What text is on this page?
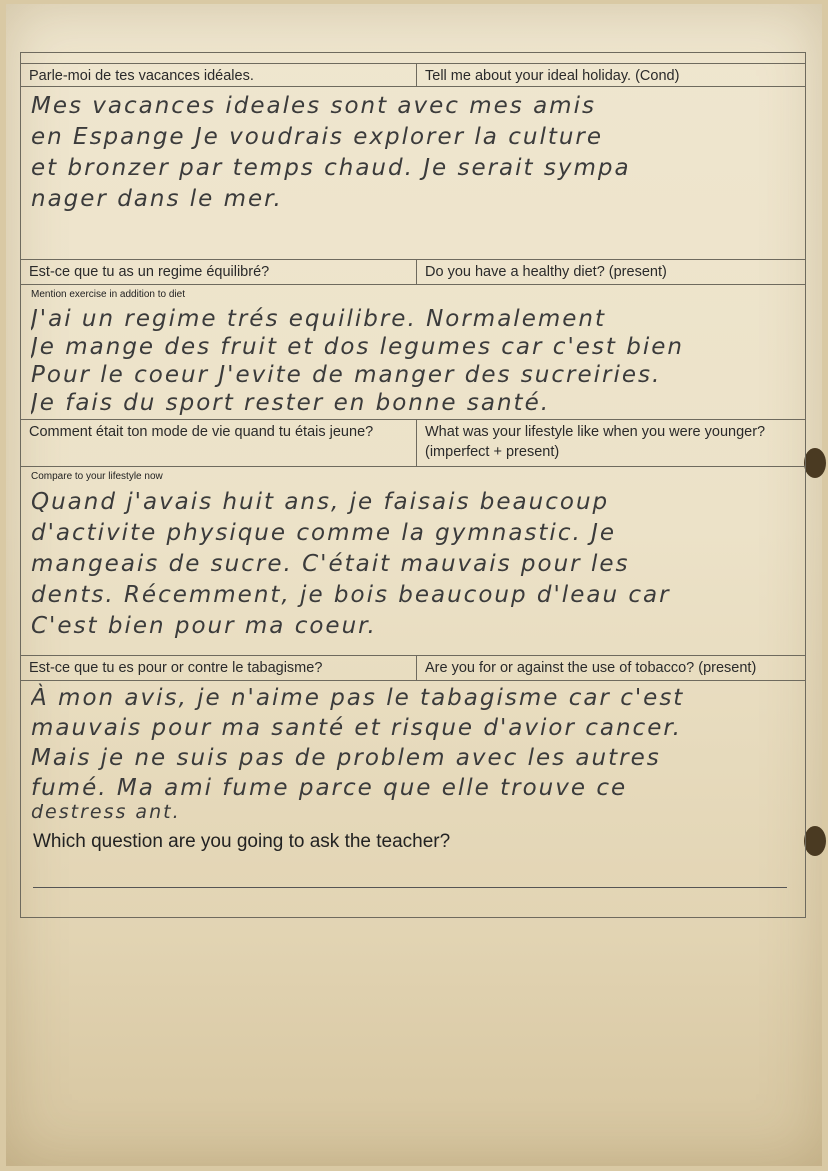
Parle-moi de tes vacances idéales.	Tell me about your ideal holiday. (Cond)
Mes vacances ideales sont avec mes amis
en Espange Je voudrais explorer la culture
et bronzer par temps chaud. Je serait sympa
nager dans le mer.
Est-ce que tu as un regime équilibré?	Do you have a healthy diet? (present)
Mention exercise in addition to diet
J'ai un regime trés equilibre. Normalement
Je mange des fruit et dos legumes car c'est bien
Pour le coeur J'evite de manger des sucreiries.
Je fais du sport rester en bonne santé.
Comment était ton mode de vie quand tu étais jeune?	What was your lifestyle like when you were younger? (imperfect + present)
Compare to your lifestyle now
Quand j'avais huit ans, je faisais beaucoup
d'activite physique comme la gymnastic. Je
mangeais de sucre. C'était mauvais pour les
dents. Récemment, je bois beaucoup d'leau car
C'est bien pour ma coeur.
Est-ce que tu es pour or contre le tabagisme?	Are you for or against the use of tobacco? (present)
À mon avis, je n'aime pas le tabagisme car c'est
mauvais pour ma santé et risque d'avior cancer.
Mais je ne suis pas de problem avec les autres
fumé. Ma ami fume parce que elle trouve ce
destress ant.
Which question are you going to ask the teacher?
